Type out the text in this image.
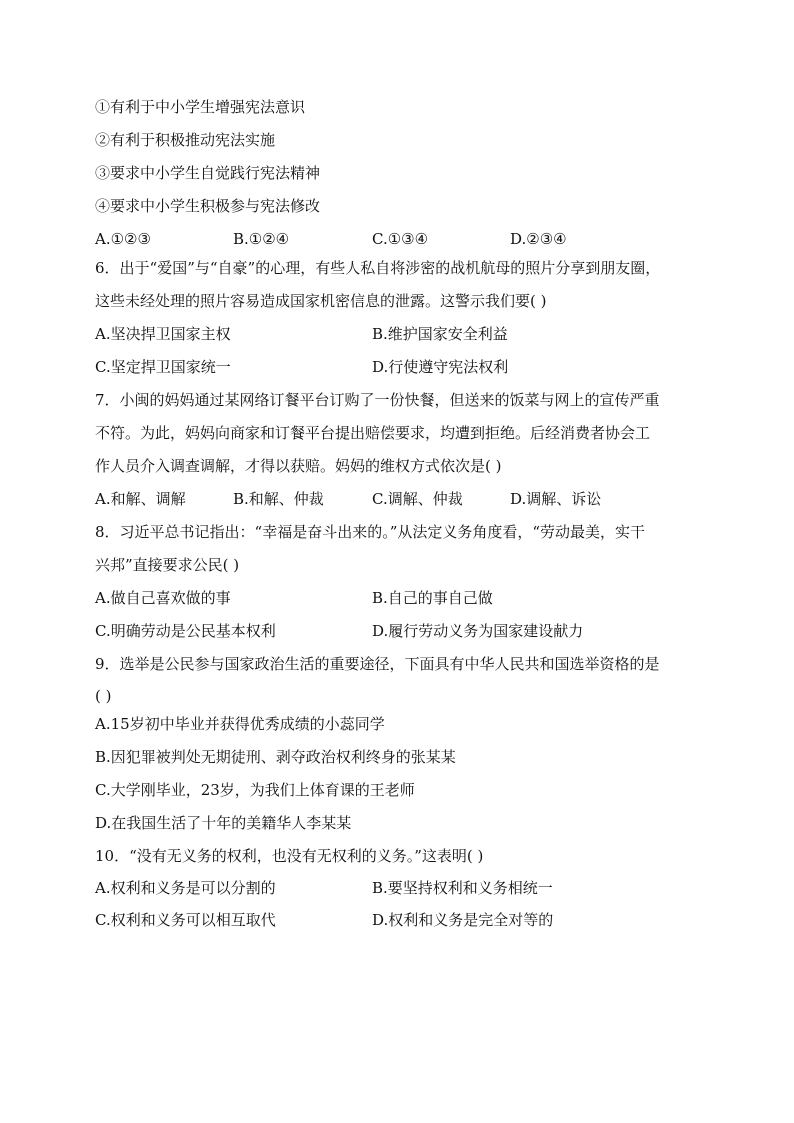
①有利于中小学生增强宪法意识
②有利于积极推动宪法实施
③要求中小学生自觉践行宪法精神
④要求中小学生积极参与宪法修改
A.①②③	B.①②④	C.①③④	D.②③④
6．出于“爱国”与“自豪”的心理，有些人私自将涉密的战机航母的照片分享到朋友圈，
这些未经处理的照片容易造成国家机密信息的泄露。这警示我们要( )
A.坚决捍卫国家主权	B.维护国家安全利益
C.坚定捍卫国家统一	D.行使遵守宪法权利
7．小闽的妈妈通过某网络订餐平台订购了一份快餐，但送来的饭菜与网上的宣传严重
不符。为此，妈妈向商家和订餐平台提出赔偿要求，均遭到拒绝。后经消费者协会工
作人员介入调查调解，才得以获赔。妈妈的维权方式依次是( )
A.和解、调解	B.和解、仲裁	C.调解、仲裁	D.调解、诉讼
8．习近平总书记指出：“幸福是奋斗出来的。”从法定义务角度看，“劳动最美，实干
兴邦”直接要求公民( )
A.做自己喜欢做的事	B.自己的事自己做
C.明确劳动是公民基本权利	D.履行劳动义务为国家建设献力
9．选举是公民参与国家政治生活的重要途径，下面具有中华人民共和国选举资格的是
( )
A.15岁初中毕业并获得优秀成绩的小蕊同学
B.因犯罪被判处无期徒刑、剥夺政治权利终身的张某某
C.大学刚毕业，23岁，为我们上体育课的王老师
D.在我国生活了十年的美籍华人李某某
10．“没有无义务的权利，也没有无权利的义务。”这表明( )
A.权利和义务是可以分割的	B.要坚持权利和义务相统一
C.权利和义务可以相互取代	D.权利和义务是完全对等的
